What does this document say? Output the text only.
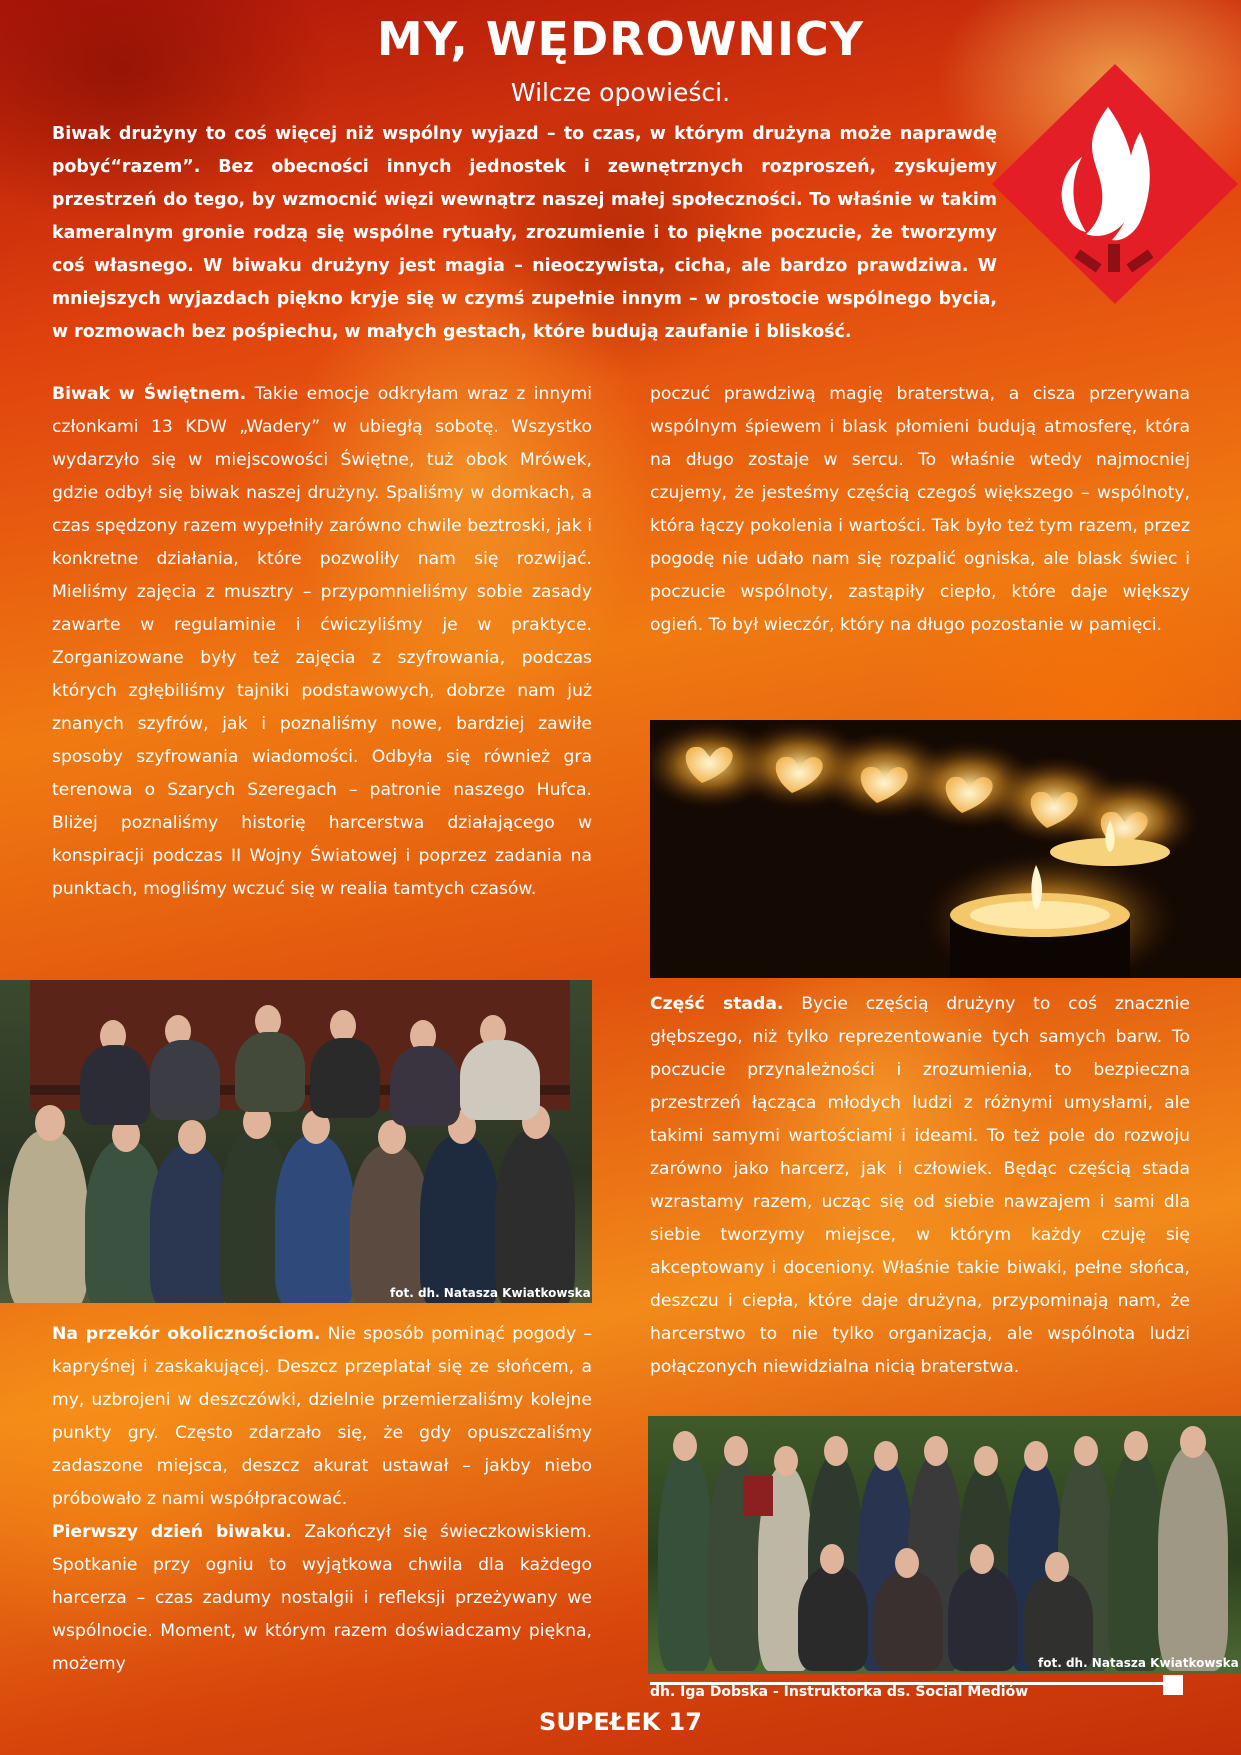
MY, WĘDROWNICY
Wilcze opowieści.
Biwak drużyny to coś więcej niż wspólny wyjazd – to czas, w którym drużyna może naprawdę pobyć“razem”. Bez obecności innych jednostek i zewnętrznych rozproszeń, zyskujemy przestrzeń do tego, by wzmocnić więzi wewnątrz naszej małej społeczności. To właśnie w takim kameralnym gronie rodzą się wspólne rytuały, zrozumienie i to piękne poczucie, że tworzymy coś własnego. W biwaku drużyny jest magia – nieoczywista, cicha, ale bardzo prawdziwa. W mniejszych wyjazdach piękno kryje się w czymś zupełnie innym – w prostocie wspólnego bycia, w rozmowach bez pośpiechu, w małych gestach, które budują zaufanie i bliskość.
Biwak w Świętnem. Takie emocje odkryłam wraz z innymi członkami 13 KDW „Wadery” w ubiegłą sobotę. Wszystko wydarzyło się w miejscowości Świętne, tuż obok Mrówek, gdzie odbył się biwak naszej drużyny. Spaliśmy w domkach, a czas spędzony razem wypełniły zarówno chwile beztroski, jak i konkretne działania, które pozwoliły nam się rozwijać. Mieliśmy zajęcia z musztry – przypomnieliśmy sobie zasady zawarte w regulaminie i ćwiczyliśmy je w praktyce. Zorganizowane były też zajęcia z szyfrowania, podczas których zgłębiliśmy tajniki podstawowych, dobrze nam już znanych szyfrów, jak i poznaliśmy nowe, bardziej zawiłe sposoby szyfrowania wiadomości. Odbyła się również gra terenowa o Szarych Szeregach – patronie naszego Hufca. Bliżej poznaliśmy historię harcerstwa działającego w konspiracji podczas II Wojny Światowej i poprzez zadania na punktach, mogliśmy wczuć się w realia tamtych czasów.
poczuć prawdziwą magię braterstwa, a cisza przerywana wspólnym śpiewem i blask płomieni budują atmosferę, która na długo zostaje w sercu. To właśnie wtedy najmocniej czujemy, że jesteśmy częścią czegoś większego – wspólnoty, która łączy pokolenia i wartości. Tak było też tym razem, przez pogodę nie udało nam się rozpalić ogniska, ale blask świec i poczucie wspólnoty, zastąpiły ciepło, które daje większy ogień. To był wieczór, który na długo pozostanie w pamięci.
fot. dh. Natasza Kwiatkowska
Na przekór okolicznościom. Nie sposób pominąć pogody – kapryśnej i zaskakującej. Deszcz przeplatał się ze słońcem, a my, uzbrojeni w deszczówki, dzielnie przemierzaliśmy kolejne punkty gry. Często zdarzało się, że gdy opuszczaliśmy zadaszone miejsca, deszcz akurat ustawał – jakby niebo próbowało z nami współpracować.
Pierwszy dzień biwaku. Zakończył się świeczkowiskiem. Spotkanie przy ogniu to wyjątkowa chwila dla każdego harcerza – czas zadumy nostalgii i refleksji przeżywany we wspólnocie. Moment, w którym razem doświadczamy piękna, możemy
Część stada. Bycie częścią drużyny to coś znacznie głębszego, niż tylko reprezentowanie tych samych barw. To poczucie przynależności i zrozumienia, to bezpieczna przestrzeń łącząca młodych ludzi z różnymi umysłami, ale takimi samymi wartościami i ideami. To też pole do rozwoju zarówno jako harcerz, jak i człowiek. Będąc częścią stada wzrastamy razem, ucząc się od siebie nawzajem i sami dla siebie tworzymy miejsce, w którym każdy czuję się akceptowany i doceniony. Właśnie takie biwaki, pełne słońca, deszczu i ciepła, które daje drużyna, przypominają nam, że harcerstwo to nie tylko organizacja, ale wspólnota ludzi połączonych niewidzialna nicią braterstwa.
fot. dh. Natasza Kwiatkowska
dh. Iga Dobska - Instruktorka ds. Social Mediów
SUPEŁEK 17
